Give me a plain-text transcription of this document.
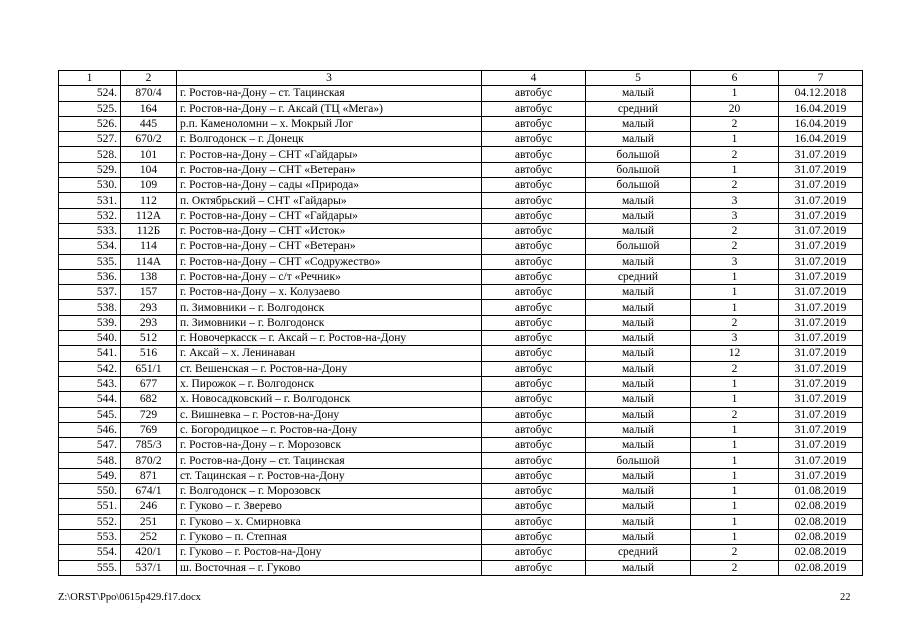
1	2	3	4	5	6	7
524.	870/4	г. Ростов-на-Дону – ст. Тацинская	автобус	малый	1	04.12.2018
525.	164	г. Ростов-на-Дону – г. Аксай (ТЦ «Мега»)	автобус	средний	20	16.04.2019
526.	445	р.п. Каменоломни – х. Мокрый Лог	автобус	малый	2	16.04.2019
527.	670/2	г. Волгодонск – г. Донецк	автобус	малый	1	16.04.2019
528.	101	г. Ростов-на-Дону – СНТ «Гайдары»	автобус	большой	2	31.07.2019
529.	104	г. Ростов-на-Дону – СНТ «Ветеран»	автобус	большой	1	31.07.2019
530.	109	г. Ростов-на-Дону – сады «Природа»	автобус	большой	2	31.07.2019
531.	112	п. Октябрьский – СНТ «Гайдары»	автобус	малый	3	31.07.2019
532.	112А	г. Ростов-на-Дону – СНТ «Гайдары»	автобус	малый	3	31.07.2019
533.	112Б	г. Ростов-на-Дону – СНТ «Исток»	автобус	малый	2	31.07.2019
534.	114	г. Ростов-на-Дону – СНТ «Ветеран»	автобус	большой	2	31.07.2019
535.	114А	г. Ростов-на-Дону – СНТ «Содружество»	автобус	малый	3	31.07.2019
536.	138	г. Ростов-на-Дону – с/т «Речник»	автобус	средний	1	31.07.2019
537.	157	г. Ростов-на-Дону – х. Колузаево	автобус	малый	1	31.07.2019
538.	293	п. Зимовники – г. Волгодонск	автобус	малый	1	31.07.2019
539.	293	п. Зимовники – г. Волгодонск	автобус	малый	2	31.07.2019
540.	512	г. Новочеркасск – г. Аксай – г. Ростов-на-Дону	автобус	малый	3	31.07.2019
541.	516	г. Аксай – х. Ленинаван	автобус	малый	12	31.07.2019
542.	651/1	ст. Вешенская – г. Ростов-на-Дону	автобус	малый	2	31.07.2019
543.	677	х. Пирожок – г. Волгодонск	автобус	малый	1	31.07.2019
544.	682	х. Новосадковский – г. Волгодонск	автобус	малый	1	31.07.2019
545.	729	с. Вишневка – г. Ростов-на-Дону	автобус	малый	2	31.07.2019
546.	769	с. Богородицкое – г. Ростов-на-Дону	автобус	малый	1	31.07.2019
547.	785/3	г. Ростов-на-Дону – г. Морозовск	автобус	малый	1	31.07.2019
548.	870/2	г. Ростов-на-Дону – ст. Тацинская	автобус	большой	1	31.07.2019
549.	871	ст. Тацинская – г. Ростов-на-Дону	автобус	малый	1	31.07.2019
550.	674/1	г. Волгодонск – г. Морозовск	автобус	малый	1	01.08.2019
551.	246	г. Гуково – г. Зверево	автобус	малый	1	02.08.2019
552.	251	г. Гуково – х. Смирновка	автобус	малый	1	02.08.2019
553.	252	г. Гуково – п. Степная	автобус	малый	1	02.08.2019
554.	420/1	г. Гуково – г. Ростов-на-Дону	автобус	средний	2	02.08.2019
555.	537/1	ш. Восточная – г. Гуково	автобус	малый	2	02.08.2019
Z:\ORST\Ppo\0615p429.f17.docx	22
